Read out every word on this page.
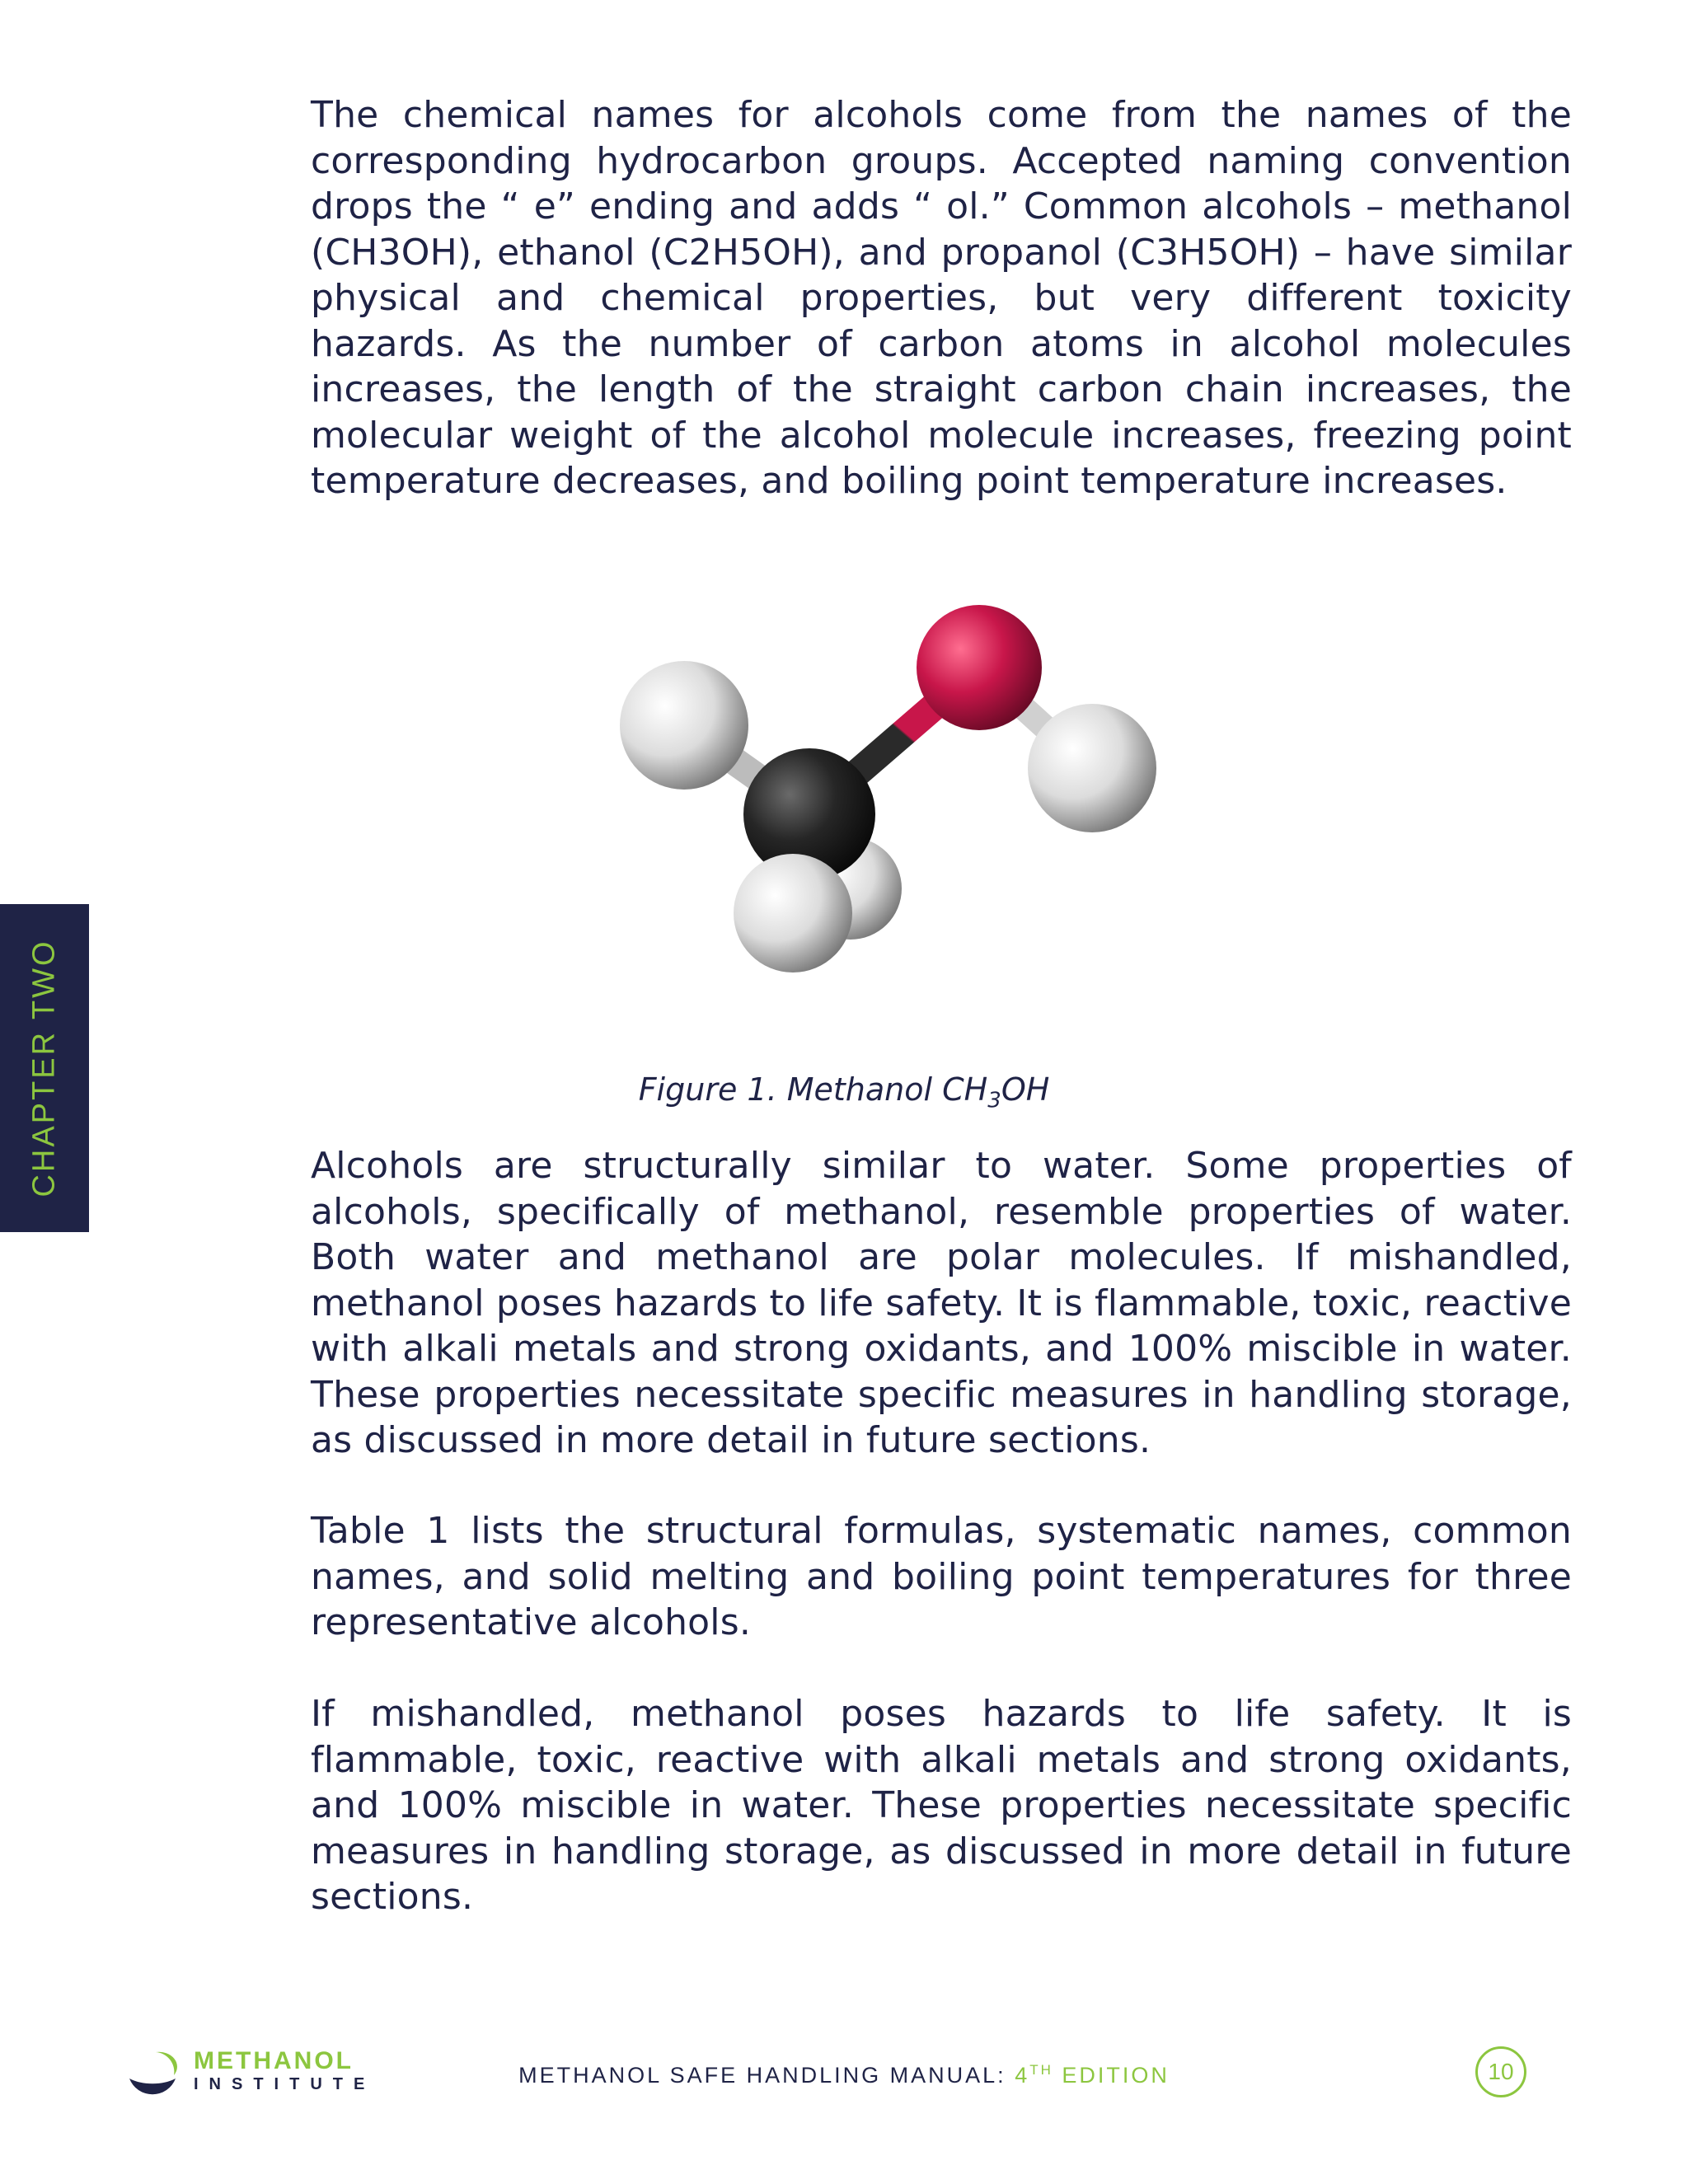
CHAPTER TWO

The chemical names for alcohols come from the names of the corresponding hydrocarbon groups. Accepted naming convention drops the “ e” ending and adds “ ol.” Common alcohols – methanol (CH3OH), ethanol (C2H5OH), and propanol (C3H5OH) – have similar physical and chemical properties, but very different toxicity hazards. As the number of carbon atoms in alcohol molecules increases, the length of the straight carbon chain increases, the molecular weight of the alcohol molecule increases, freezing point temperature decreases, and boiling point temperature increases.

Figure 1. Methanol $CH_3OH$

Alcohols are structurally similar to water. Some properties of alcohols, specifically of methanol, resemble properties of water. Both water and methanol are polar molecules. If mishandled, methanol poses hazards to life safety. It is flammable, toxic, reactive with alkali metals and strong oxidants, and 100% miscible in water. These properties necessitate specific measures in handling storage, as discussed in more detail in future sections.

Table 1 lists the structural formulas, systematic names, common names, and solid melting and boiling point temperatures for three representative alcohols.

If mishandled, methanol poses hazards to life safety. It is flammable, toxic, reactive with alkali metals and strong oxidants, and 100% miscible in water. These properties necessitate specific measures in handling storage, as discussed in more detail in future sections.

METHANOL
INSTITUTE	METHANOL SAFE HANDLING MANUAL: 4TH EDITION	10
